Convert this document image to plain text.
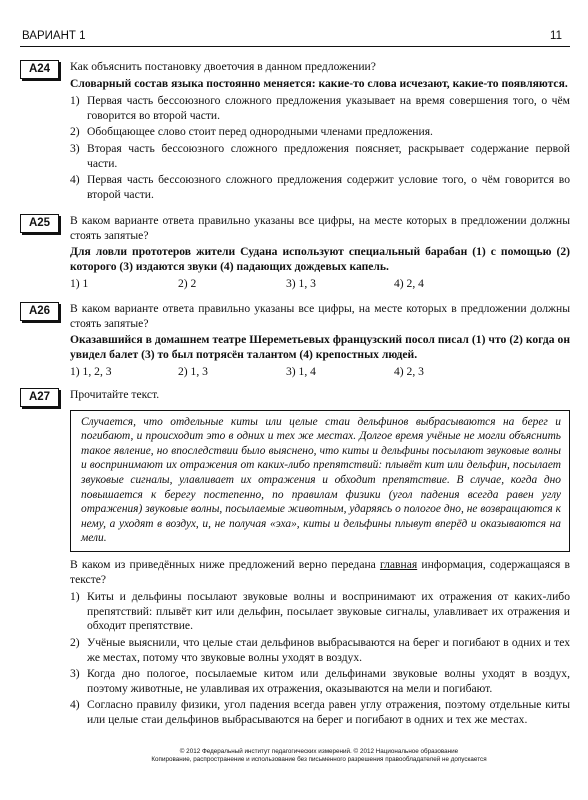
ВАРИАНТ 1	11
A24	Как объяснить постановку двоеточия в данном предложении?

Словарный состав языка постоянно меняется: какие-то слова исчезают, какие-то появляются.

1) Первая часть бессоюзного сложного предложения указывает на время совершения того, о чём говорится во второй части.
2) Обобщающее слово стоит перед однородными членами предложения.
3) Вторая часть бессоюзного сложного предложения поясняет, раскрывает содержание первой части.
4) Первая часть бессоюзного сложного предложения содержит условие того, о чём говорится во второй части.
A25	В каком варианте ответа правильно указаны все цифры, на месте которых в предложении должны стоять запятые?

Для ловли прототеров жители Судана используют специальный барабан (1) с помощью (2) которого (3) издаются звуки (4) падающих дождевых капель.

1) 1	2) 2	3) 1, 3	4) 2, 4
A26	В каком варианте ответа правильно указаны все цифры, на месте которых в предложении должны стоять запятые?

Оказавшийся в домашнем театре Шереметьевых французский посол писал (1) что (2) когда он увидел балет (3) то был потрясён талантом (4) крепостных людей.

1) 1, 2, 3	2) 1, 3	3) 1, 4	4) 2, 3
A27	Прочитайте текст.

Случается, что отдельные киты или целые стаи дельфинов выбрасываются на берег и погибают, и происходит это в одних и тех же местах. Долгое время учёные не могли объяснить такое явление, но впоследствии было выяснено, что киты и дельфины посылают звуковые волны и воспринимают их отражения от каких-либо препятствий: плывёт кит или дельфин, посылает звуковые сигналы, улавливает их отражения и обходит препятствие. В случае, когда дно повышается к берегу постепенно, по правилам физики (угол падения всегда равен углу отражения) звуковые волны, посылаемые животным, ударяясь о пологое дно, не возвращаются к нему, а уходят в воздух, и, не получая «эха», киты и дельфины плывут вперёд и оказываются на мели.

В каком из приведённых ниже предложений верно передана главная информация, содержащаяся в тексте?

1) Киты и дельфины посылают звуковые волны и воспринимают их отражения от каких-либо препятствий: плывёт кит или дельфин, посылает звуковые сигналы, улавливает их отражения и обходит препятствие.
2) Учёные выяснили, что целые стаи дельфинов выбрасываются на берег и погибают в одних и тех же местах, потому что звуковые волны уходят в воздух.
3) Когда дно пологое, посылаемые китом или дельфинами звуковые волны уходят в воздух, поэтому животные, не улавливая их отражения, оказываются на мели и погибают.
4) Согласно правилу физики, угол падения всегда равен углу отражения, поэтому отдельные киты или целые стаи дельфинов выбрасываются на берег и погибают в одних и тех же местах.
© 2012 Федеральный институт педагогических измерений. © 2012 Национальное образование
Копирование, распространение и использование без письменного разрешения правообладателей не допускается
